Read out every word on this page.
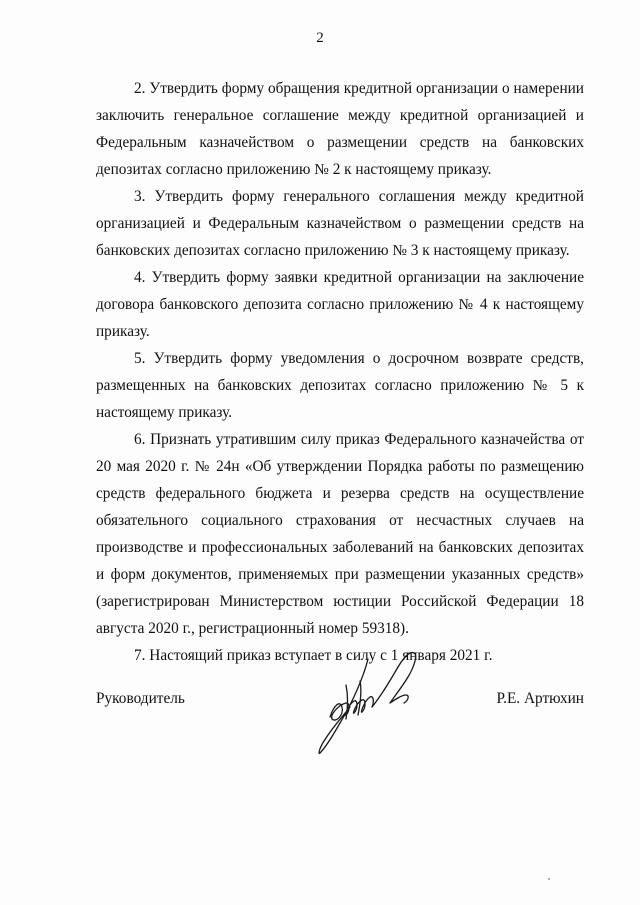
2

2. Утвердить форму обращения кредитной организации о намерении заключить генеральное соглашение между кредитной организацией и Федеральным казначейством о размещении средств на банковских депозитах согласно приложению № 2 к настоящему приказу.

3. Утвердить форму генерального соглашения между кредитной организацией и Федеральным казначейством о размещении средств на банковских депозитах согласно приложению № 3 к настоящему приказу.

4. Утвердить форму заявки кредитной организации на заключение договора банковского депозита согласно приложению № 4 к настоящему приказу.

5. Утвердить форму уведомления о досрочном возврате средств, размещенных на банковских депозитах согласно приложению № 5 к настоящему приказу.

6. Признать утратившим силу приказ Федерального казначейства от 20 мая 2020 г. № 24н «Об утверждении Порядка работы по размещению средств федерального бюджета и резерва средств на осуществление обязательного социального страхования от несчастных случаев на производстве и профессиональных заболеваний на банковских депозитах и форм документов, применяемых при размещении указанных средств» (зарегистрирован Министерством юстиции Российской Федерации 18 августа 2020 г., регистрационный номер 59318).

7. Настоящий приказ вступает в силу с 1 января 2021 г.

Руководитель	Р.Е. Артюхин
